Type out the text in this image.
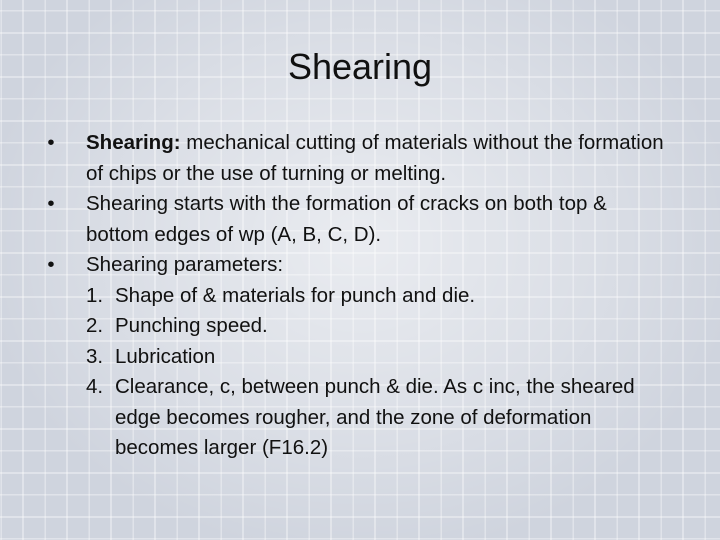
Shearing
• Shearing: mechanical cutting of materials without the formation of chips or the use of turning or melting.
• Shearing starts with the formation of cracks on both top & bottom edges of wp (A, B, C, D).
• Shearing parameters:
1. Shape of & materials for punch and die.
2. Punching speed.
3. Lubrication
4. Clearance, c, between punch & die. As c inc, the sheared edge becomes rougher, and the zone of deformation becomes larger (F16.2)
